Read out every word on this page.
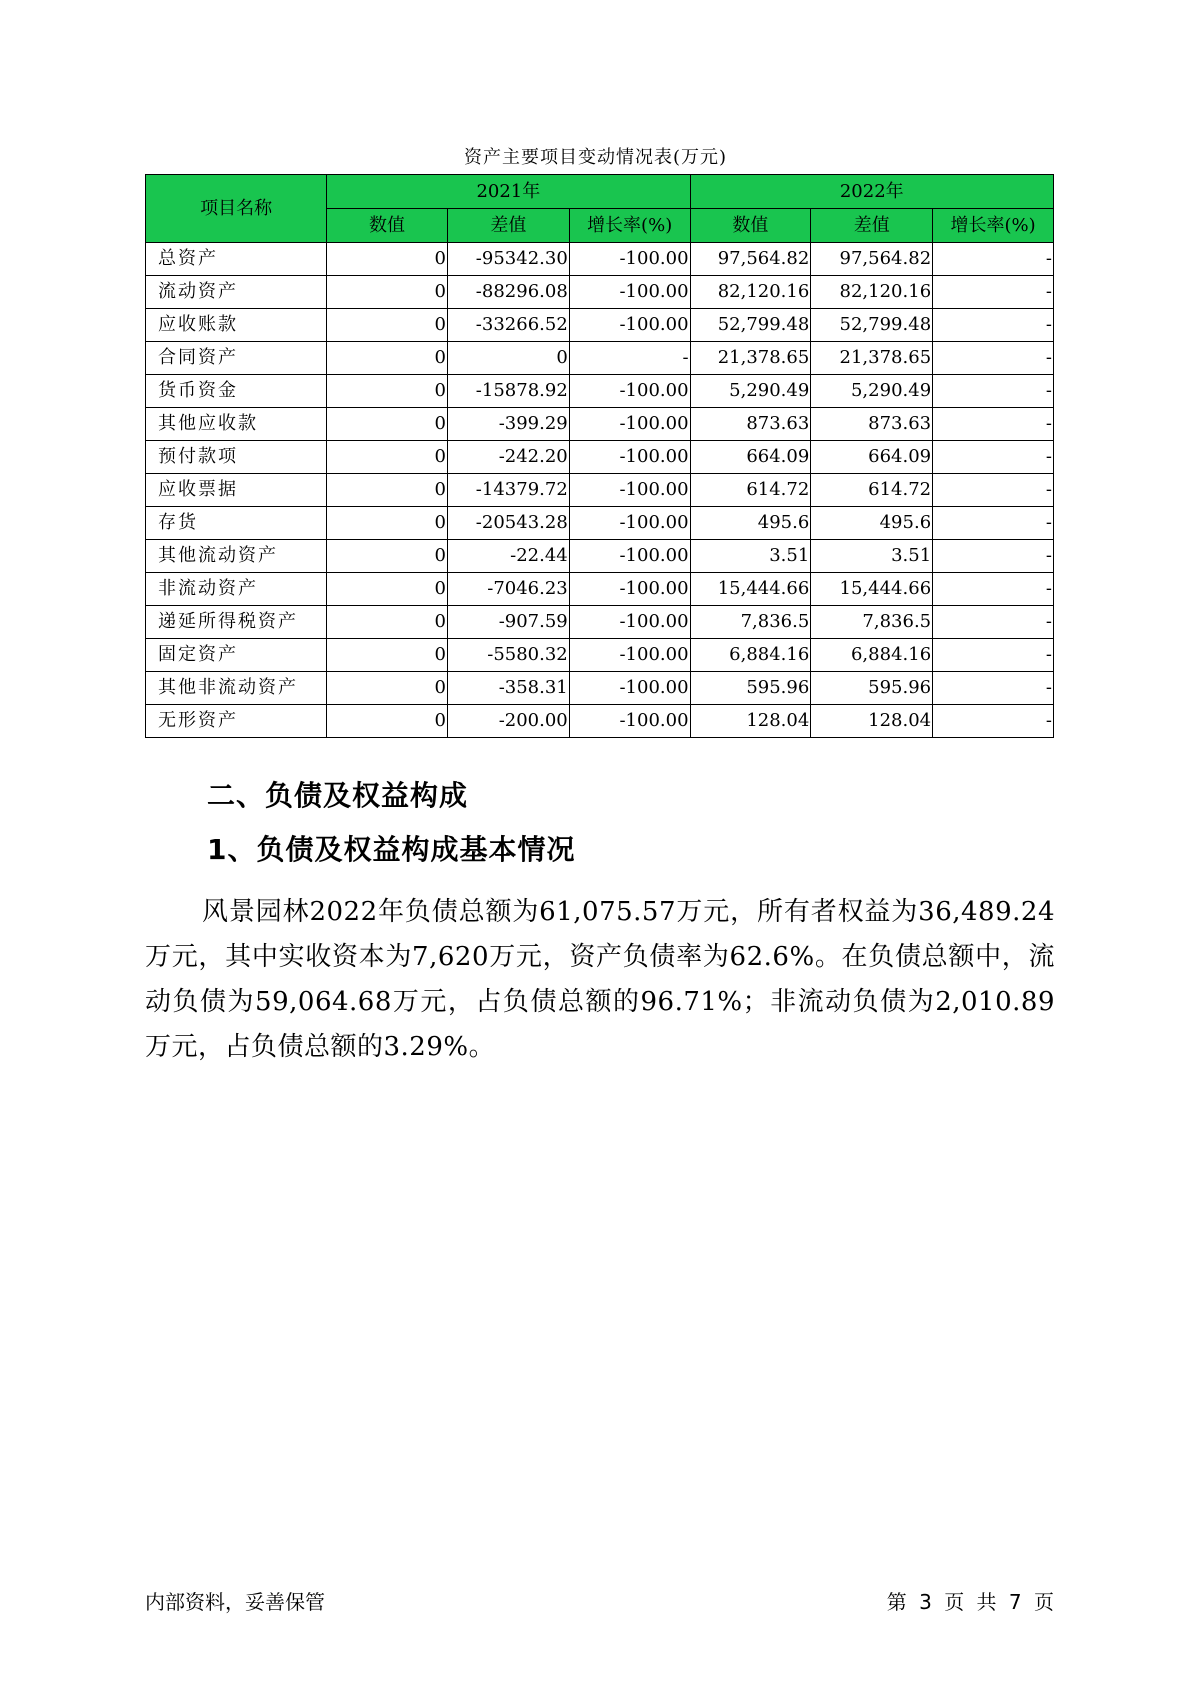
资产主要项目变动情况表(万元)
项目名称	2021年			2022年		
	数值	差值	增长率(%)	数值	差值	增长率(%)
总资产	0	-95342.30	-100.00	97,564.82	97,564.82	-
流动资产	0	-88296.08	-100.00	82,120.16	82,120.16	-
应收账款	0	-33266.52	-100.00	52,799.48	52,799.48	-
合同资产	0	0	-	21,378.65	21,378.65	-
货币资金	0	-15878.92	-100.00	5,290.49	5,290.49	-
其他应收款	0	-399.29	-100.00	873.63	873.63	-
预付款项	0	-242.20	-100.00	664.09	664.09	-
应收票据	0	-14379.72	-100.00	614.72	614.72	-
存货	0	-20543.28	-100.00	495.6	495.6	-
其他流动资产	0	-22.44	-100.00	3.51	3.51	-
非流动资产	0	-7046.23	-100.00	15,444.66	15,444.66	-
递延所得税资产	0	-907.59	-100.00	7,836.5	7,836.5	-
固定资产	0	-5580.32	-100.00	6,884.16	6,884.16	-
其他非流动资产	0	-358.31	-100.00	595.96	595.96	-
无形资产	0	-200.00	-100.00	128.04	128.04	-
二、负债及权益构成
1、负债及权益构成基本情况
风景园林2022年负债总额为61,075.57万元，所有者权益为36,489.24万元，其中实收资本为7,620万元，资产负债率为62.6%。在负债总额中，流动负债为59,064.68万元，占负债总额的96.71%；非流动负债为2,010.89万元，占负债总额的3.29%。
内部资料，妥善保管	第 3 页 共 7 页
